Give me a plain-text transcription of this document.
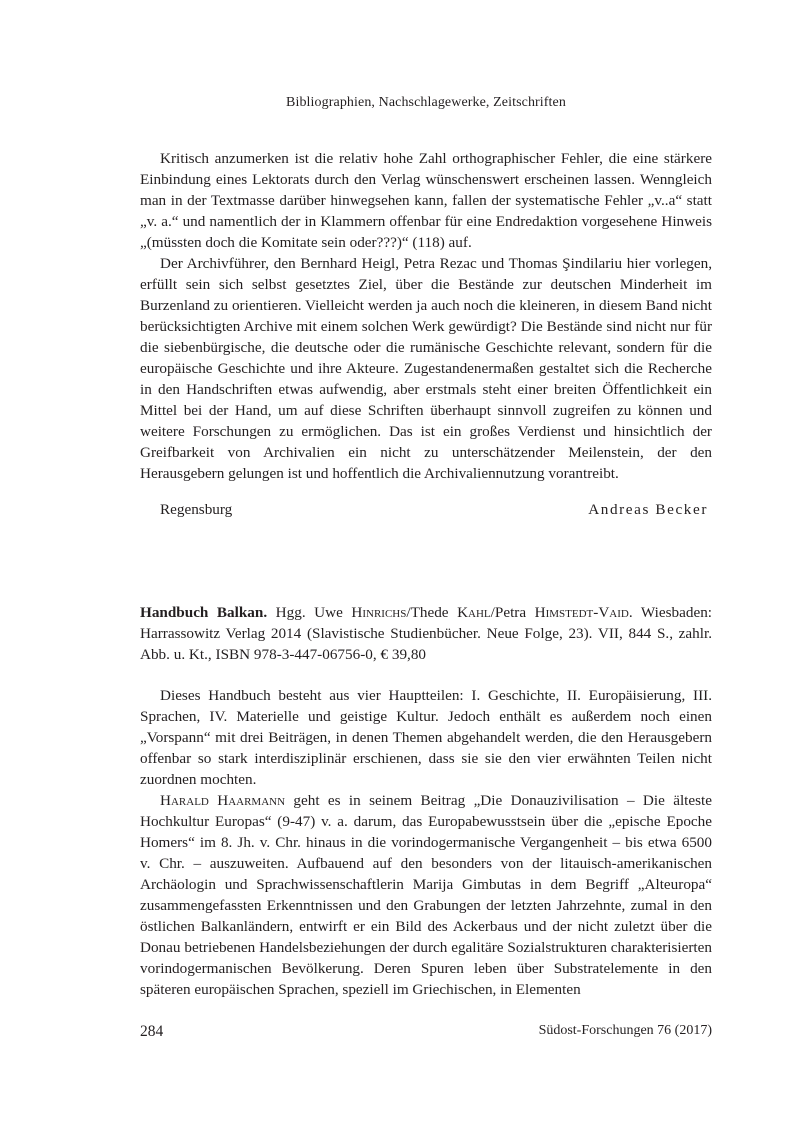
Bibliographien, Nachschlagewerke, Zeitschriften

Kritisch anzumerken ist die relativ hohe Zahl orthographischer Fehler, die eine stärkere Einbindung eines Lektorats durch den Verlag wünschenswert erscheinen lassen. Wenngleich man in der Textmasse darüber hinwegsehen kann, fallen der systematische Fehler „v..a“ statt „v. a.“ und namentlich der in Klammern offenbar für eine Endredaktion vorgesehene Hinweis „(müssten doch die Komitate sein oder???)“ (118) auf.

Der Archivführer, den Bernhard Heigl, Petra Rezac und Thomas Şindilariu hier vorlegen, erfüllt sein sich selbst gesetztes Ziel, über die Bestände zur deutschen Minderheit im Burzenland zu orientieren. Vielleicht werden ja auch noch die kleineren, in diesem Band nicht berücksichtigten Archive mit einem solchen Werk gewürdigt? Die Bestände sind nicht nur für die siebenbürgische, die deutsche oder die rumänische Geschichte relevant, sondern für die europäische Geschichte und ihre Akteure. Zugestandenermaßen gestaltet sich die Recherche in den Handschriften etwas aufwendig, aber erstmals steht einer breiten Öffentlichkeit ein Mittel bei der Hand, um auf diese Schriften überhaupt sinnvoll zugreifen zu können und weitere Forschungen zu ermöglichen. Das ist ein großes Verdienst und hinsichtlich der Greifbarkeit von Archivalien ein nicht zu unterschätzender Meilenstein, der den Herausgebern gelungen ist und hoffentlich die Archivaliennutzung vorantreibt.

Regensburg	Andreas Becker

Handbuch Balkan. Hgg. Uwe Hinrichs/Thede Kahl/Petra Himstedt-Vaid. Wiesbaden: Harrassowitz Verlag 2014 (Slavistische Studienbücher. Neue Folge, 23). VII, 844 S., zahlr. Abb. u. Kt., ISBN 978-3-447-06756-0, € 39,80

Dieses Handbuch besteht aus vier Hauptteilen: I. Geschichte, II. Europäisierung, III. Sprachen, IV. Materielle und geistige Kultur. Jedoch enthält es außerdem noch einen „Vorspann“ mit drei Beiträgen, in denen Themen abgehandelt werden, die den Herausgebern offenbar so stark interdisziplinär erschienen, dass sie sie den vier erwähnten Teilen nicht zuordnen mochten.

Harald Haarmann geht es in seinem Beitrag „Die Donauzivilisation – Die älteste Hochkultur Europas“ (9-47) v. a. darum, das Europabewusstsein über die „epische Epoche Homers“ im 8. Jh. v. Chr. hinaus in die vorindogermanische Vergangenheit – bis etwa 6500 v. Chr. – auszuweiten. Aufbauend auf den besonders von der litauisch-amerikanischen Archäologin und Sprachwissenschaftlerin Marija Gimbutas in dem Begriff „Alteuropa“ zusammengefassten Erkenntnissen und den Grabungen der letzten Jahrzehnte, zumal in den östlichen Balkanländern, entwirft er ein Bild des Ackerbaus und der nicht zuletzt über die Donau betriebenen Handelsbeziehungen der durch egalitäre Sozialstrukturen charakterisierten vorindogermanischen Bevölkerung. Deren Spuren leben über Substratelemente in den späteren europäischen Sprachen, speziell im Griechischen, in Elementen

284	Südost-Forschungen 76 (2017)
